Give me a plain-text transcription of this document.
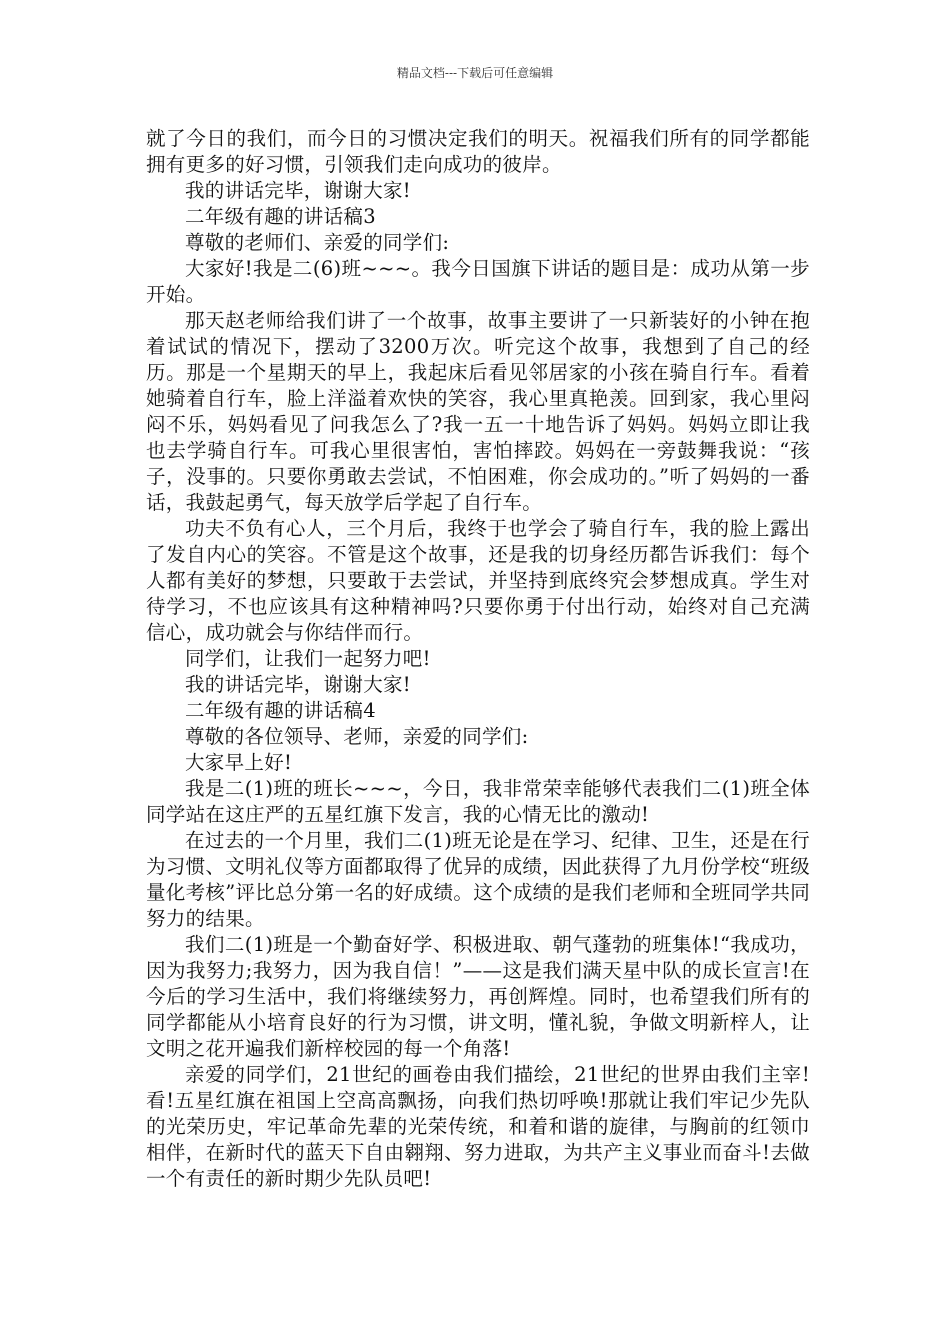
精品文档---下载后可任意编辑

就了今日的我们，而今日的习惯决定我们的明天。祝福我们所有的同学都能拥有更多的好习惯，引领我们走向成功的彼岸。

我的讲话完毕，谢谢大家!

二年级有趣的讲话稿3

尊敬的老师们、亲爱的同学们:

大家好!我是二(6)班~~~。我今日国旗下讲话的题目是：成功从第一步开始。

那天赵老师给我们讲了一个故事，故事主要讲了一只新装好的小钟在抱着试试的情况下，摆动了3200万次。听完这个故事，我想到了自己的经历。那是一个星期天的早上，我起床后看见邻居家的小孩在骑自行车。看着她骑着自行车，脸上洋溢着欢快的笑容，我心里真艳羡。回到家，我心里闷闷不乐，妈妈看见了问我怎么了?我一五一十地告诉了妈妈。妈妈立即让我也去学骑自行车。可我心里很害怕，害怕摔跤。妈妈在一旁鼓舞我说：“孩子，没事的。只要你勇敢去尝试，不怕困难，你会成功的。”听了妈妈的一番话，我鼓起勇气，每天放学后学起了自行车。

功夫不负有心人，三个月后，我终于也学会了骑自行车，我的脸上露出了发自内心的笑容。不管是这个故事，还是我的切身经历都告诉我们：每个人都有美好的梦想，只要敢于去尝试，并坚持到底终究会梦想成真。学生对待学习，不也应该具有这种精神吗?只要你勇于付出行动，始终对自己充满信心，成功就会与你结伴而行。

同学们，让我们一起努力吧!

我的讲话完毕，谢谢大家!

二年级有趣的讲话稿4

尊敬的各位领导、老师，亲爱的同学们:

大家早上好!

我是二(1)班的班长~~~，今日，我非常荣幸能够代表我们二(1)班全体同学站在这庄严的五星红旗下发言，我的心情无比的激动!

在过去的一个月里，我们二(1)班无论是在学习、纪律、卫生，还是在行为习惯、文明礼仪等方面都取得了优异的成绩，因此获得了九月份学校“班级量化考核”评比总分第一名的好成绩。这个成绩的是我们老师和全班同学共同努力的结果。

我们二(1)班是一个勤奋好学、积极进取、朝气蓬勃的班集体!“我成功，因为我努力;我努力，因为我自信！”——这是我们满天星中队的成长宣言!在今后的学习生活中，我们将继续努力，再创辉煌。同时，也希望我们所有的同学都能从小培育良好的行为习惯，讲文明，懂礼貌，争做文明新梓人，让文明之花开遍我们新梓校园的每一个角落!

亲爱的同学们，21世纪的画卷由我们描绘，21世纪的世界由我们主宰!看!五星红旗在祖国上空高高飘扬，向我们热切呼唤!那就让我们牢记少先队的光荣历史，牢记革命先辈的光荣传统，和着和谐的旋律，与胸前的红领巾相伴，在新时代的蓝天下自由翱翔、努力进取，为共产主义事业而奋斗!去做一个有责任的新时期少先队员吧!
